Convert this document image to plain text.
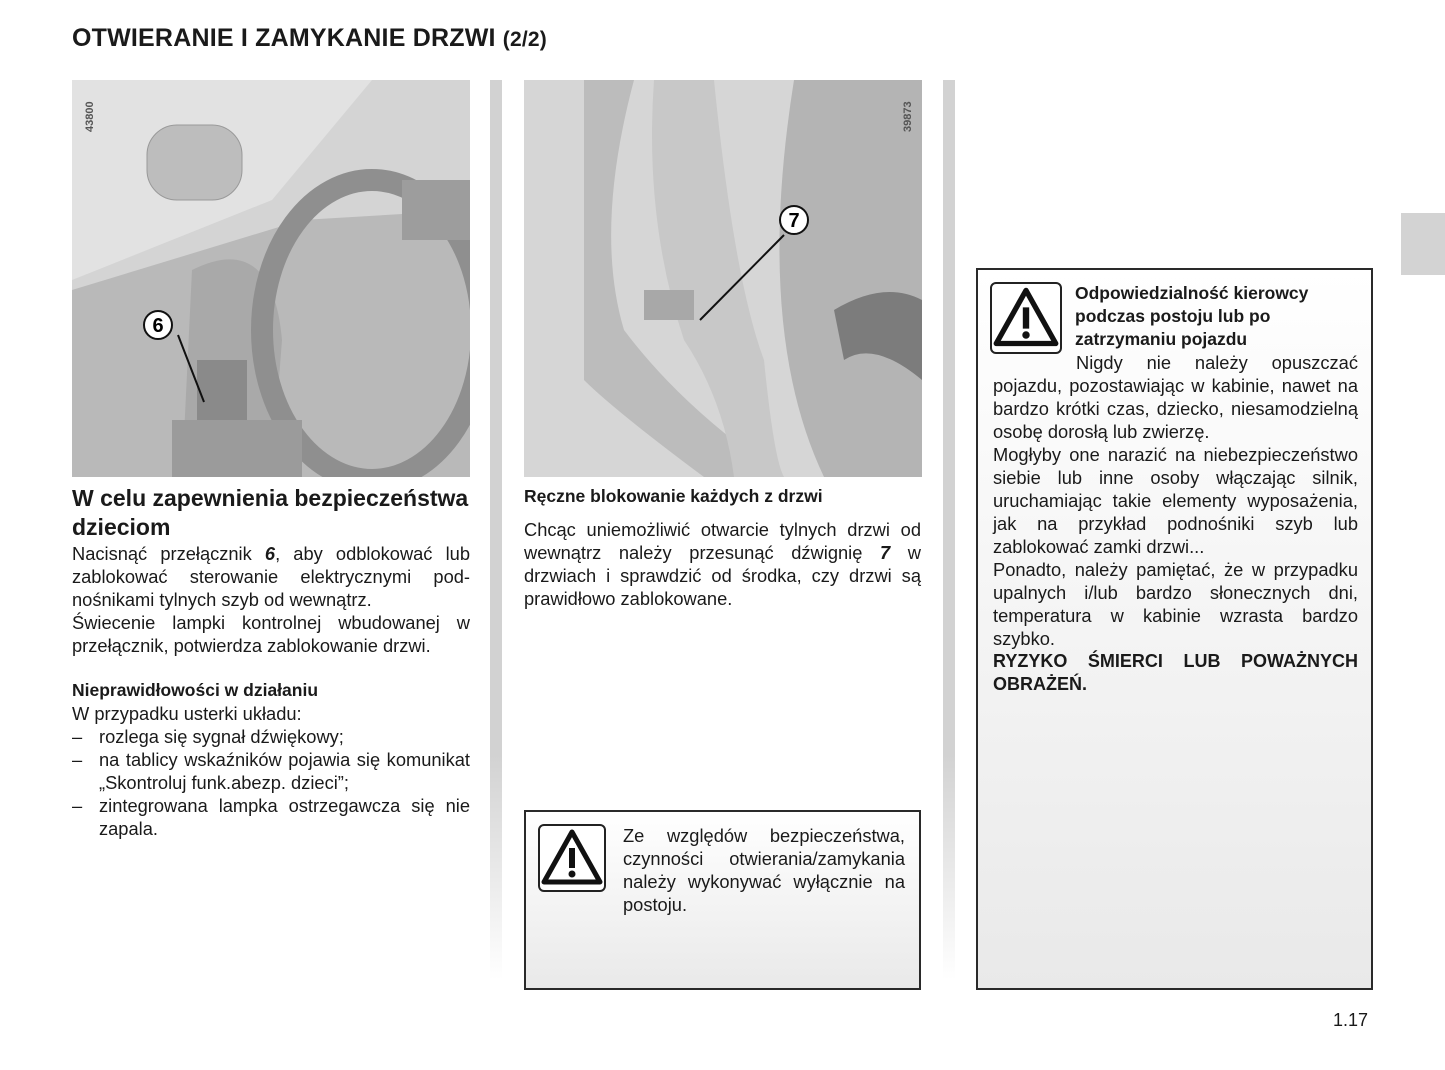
OTWIERANIE I ZAMYKANIE DRZWI (2/2)
6
43800
7
39873
W celu zapewnienia bezpieczeństwa dzieciom
Nacisnąć przełącznik 6, aby odblokować lub zablokować sterowanie elektrycznymi podnośnikami tylnych szyb od wewnątrz.
Świecenie lampki kontrolnej wbudowanej w przełącznik, potwierdza zablokowanie drzwi.
Nieprawidłowości w działaniu
W przypadku usterki układu:
– rozlega się sygnał dźwiękowy;
– na tablicy wskaźników pojawia się komunikat „Skontroluj funk.abezp. dzieci”;
– zintegrowana lampka ostrzegawcza się nie zapala.
Ręczne blokowanie każdych z drzwi
Chcąc uniemożliwić otwarcie tylnych drzwi od wewnątrz należy przesunąć dźwignię 7 w drzwiach i sprawdzić od środka, czy drzwi są prawidłowo zablokowane.
Ze względów bezpieczeństwa, czynności otwierania/zamykania należy wykonywać wyłącznie na postoju.
Odpowiedzialność kierowcy podczas postoju lub po zatrzymaniu pojazdu
Nigdy nie należy opuszczać pojazdu, pozostawiając w kabinie, nawet na bardzo krótki czas, dziecko, niesamodzielną osobę dorosłą lub zwierzę.
Mogłyby one narazić na niebezpieczeństwo siebie lub inne osoby włączając silnik, uruchamiając takie elementy wyposażenia, jak na przykład podnośniki szyb lub zablokować zamki drzwi...
Ponadto, należy pamiętać, że w przypadku upalnych i/lub bardzo słonecznych dni, temperatura w kabinie wzrasta bardzo szybko.
RYZYKO ŚMIERCI LUB POWAŻNYCH OBRAŻEŃ.
1.17
